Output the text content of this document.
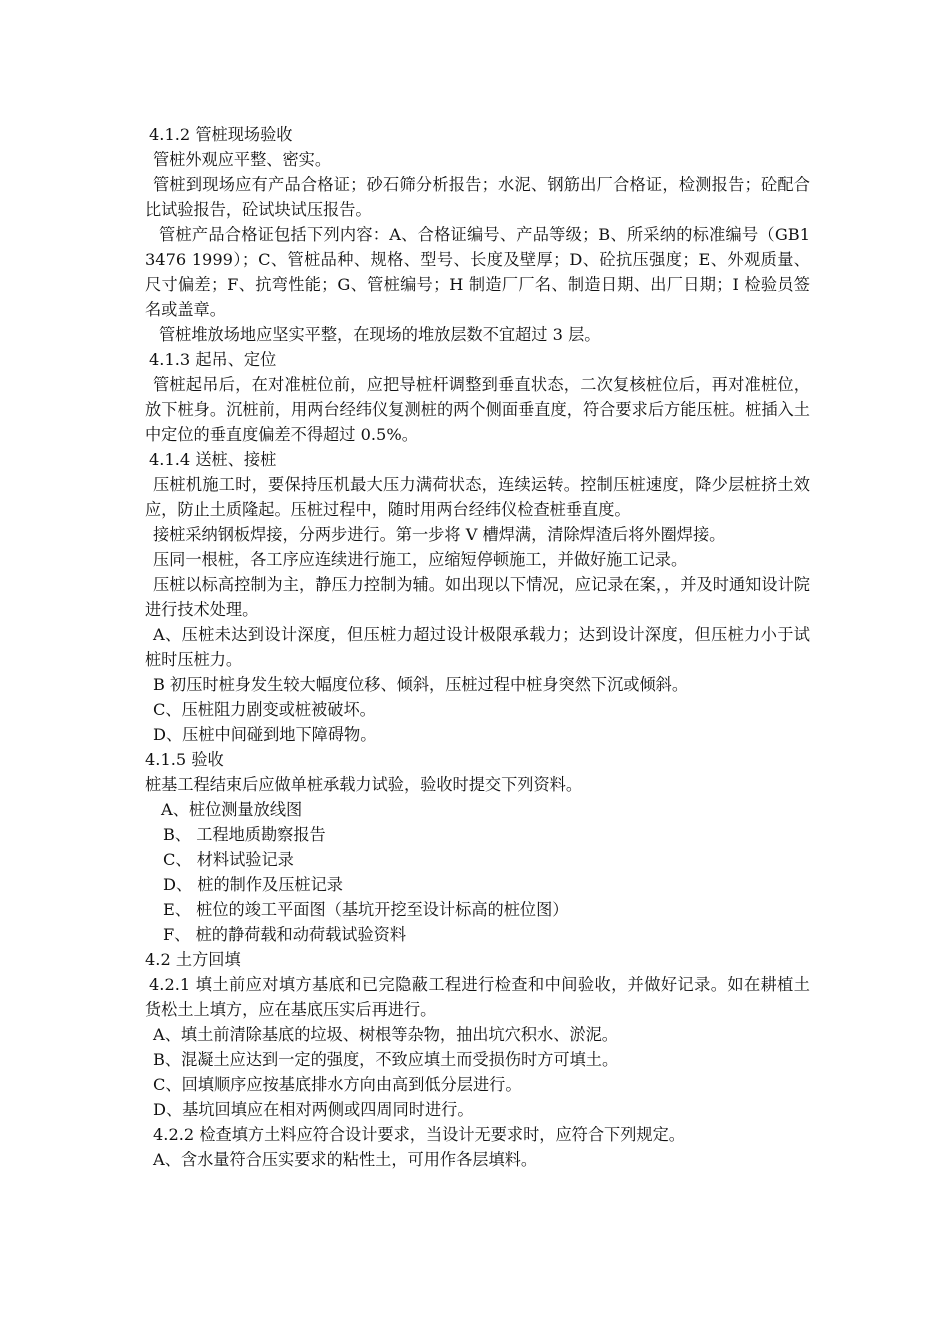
4.1.2 管桩现场验收

管桩外观应平整、密实。

管桩到现场应有产品合格证；砂石筛分析报告；水泥、钢筋出厂合格证，检测报告；砼配合比试验报告，砼试块试压报告。

管桩产品合格证包括下列内容：A、合格证编号、产品等级；B、所采纳的标准编号（GB13476 1999）；C、管桩品种、规格、型号、长度及壁厚；D、砼抗压强度；E、外观质量、尺寸偏差；F、抗弯性能；G、管桩编号；H 制造厂厂名、制造日期、出厂日期；I 检验员签名或盖章。

管桩堆放场地应坚实平整，在现场的堆放层数不宜超过 3 层。

4.1.3 起吊、定位

管桩起吊后，在对准桩位前，应把导桩杆调整到垂直状态，二次复核桩位后，再对准桩位，放下桩身。沉桩前，用两台经纬仪复测桩的两个侧面垂直度，符合要求后方能压桩。桩插入土中定位的垂直度偏差不得超过 0.5%。

4.1.4 送桩、接桩

压桩机施工时，要保持压机最大压力满荷状态，连续运转。控制压桩速度，降少层桩挤土效应，防止土质隆起。压桩过程中，随时用两台经纬仪检查桩垂直度。

接桩采纳钢板焊接，分两步进行。第一步将 V 槽焊满，清除焊渣后将外圈焊接。

压同一根桩，各工序应连续进行施工，应缩短停顿施工，并做好施工记录。

压桩以标高控制为主，静压力控制为辅。如出现以下情况，应记录在案，，并及时通知设计院进行技术处理。

A、压桩未达到设计深度，但压桩力超过设计极限承载力；达到设计深度，但压桩力小于试桩时压桩力。

B 初压时桩身发生较大幅度位移、倾斜，压桩过程中桩身突然下沉或倾斜。

C、压桩阻力剧变或桩被破坏。

D、压桩中间碰到地下障碍物。

4.1.5 验收

桩基工程结束后应做单桩承载力试验，验收时提交下列资料。

A、桩位测量放线图

B、 工程地质勘察报告

C、 材料试验记录

D、 桩的制作及压桩记录

E、 桩位的竣工平面图（基坑开挖至设计标高的桩位图）

F、 桩的静荷载和动荷载试验资料

4.2 土方回填

4.2.1 填土前应对填方基底和已完隐蔽工程进行检查和中间验收，并做好记录。如在耕植土货松土上填方，应在基底压实后再进行。

A、填土前清除基底的垃圾、树根等杂物，抽出坑穴积水、淤泥。

B、混凝土应达到一定的强度，不致应填土而受损伤时方可填土。

C、回填顺序应按基底排水方向由高到低分层进行。

D、基坑回填应在相对两侧或四周同时进行。

4.2.2 检查填方土料应符合设计要求，当设计无要求时，应符合下列规定。

A、含水量符合压实要求的粘性土，可用作各层填料。
